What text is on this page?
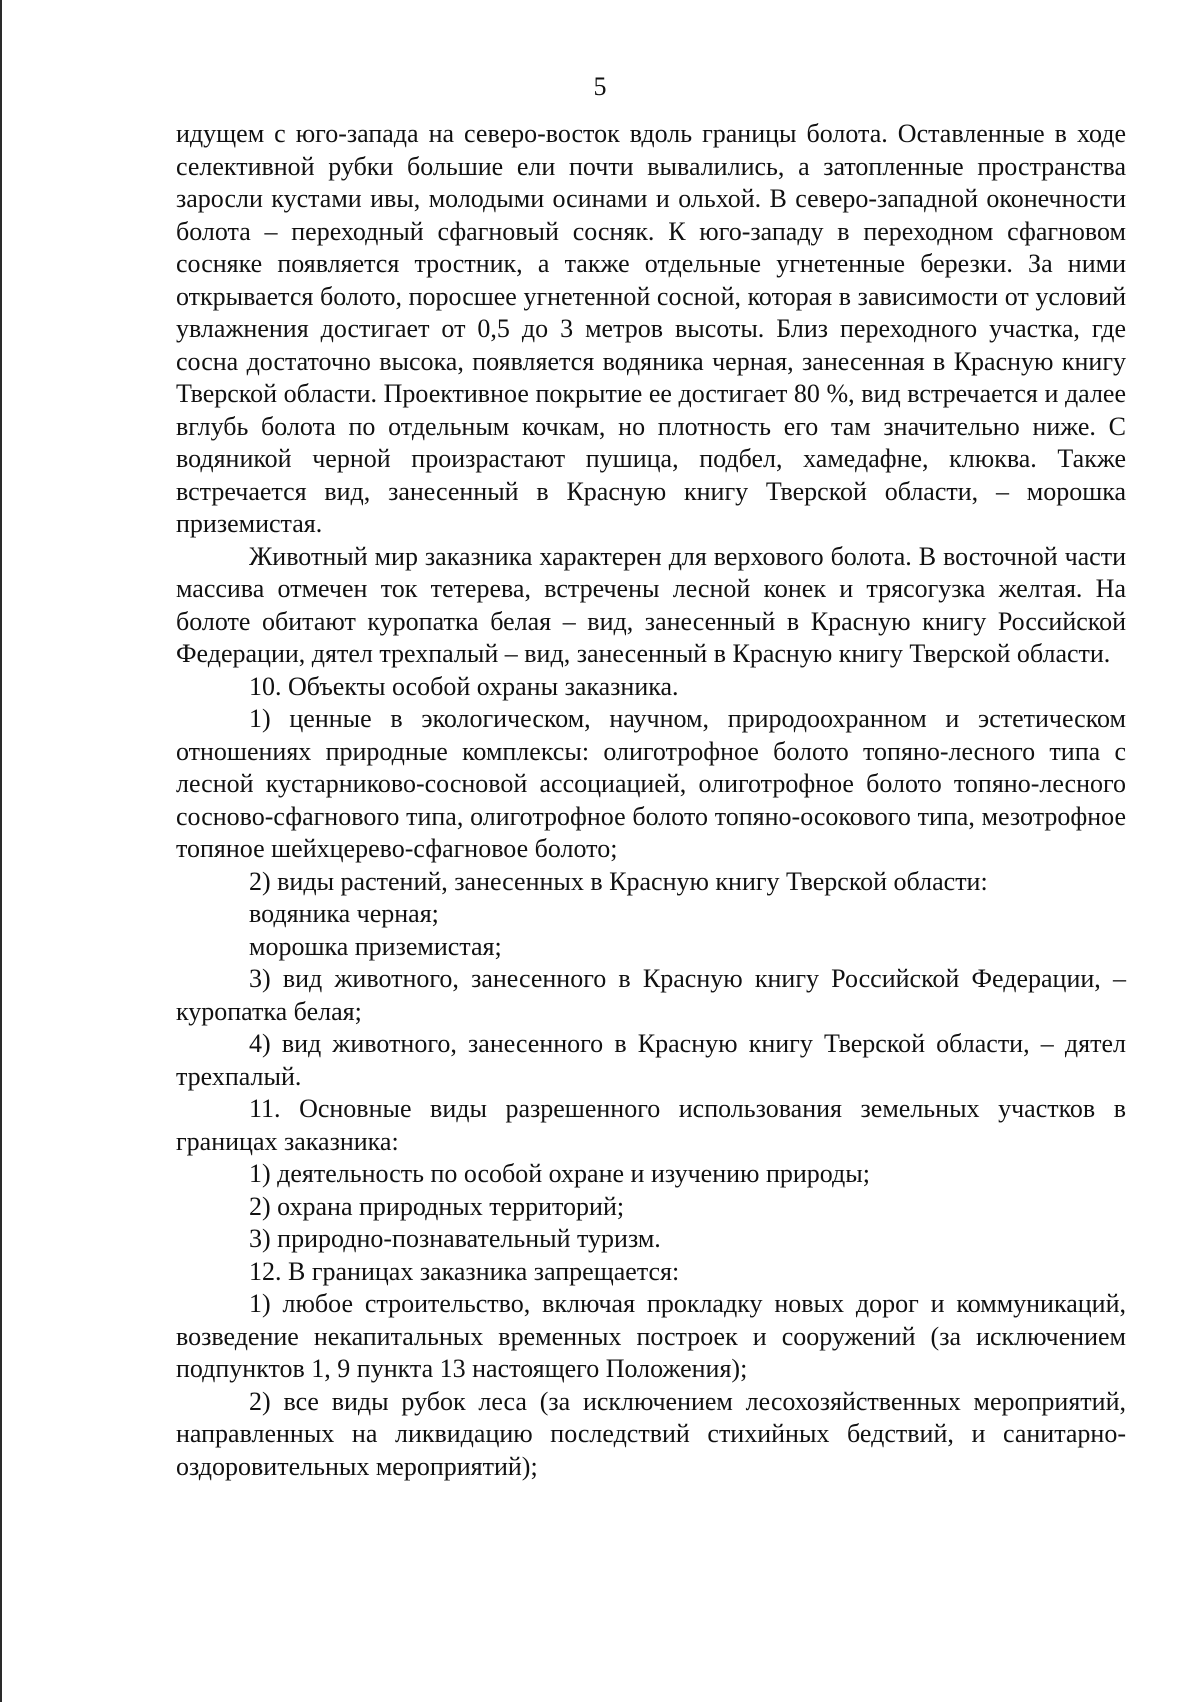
5

идущем с юго-запада на северо-восток вдоль границы болота. Оставленные в ходе селективной рубки большие ели почти вывалились, а затопленные пространства заросли кустами ивы, молодыми осинами и ольхой. В северо-западной оконечности болота – переходный сфагновый сосняк. К юго-западу в переходном сфагновом сосняке появляется тростник, а также отдельные угнетенные березки. За ними открывается болото, поросшее угнетенной сосной, которая в зависимости от условий увлажнения достигает от 0,5 до 3 метров высоты. Близ переходного участка, где сосна достаточно высока, появляется водяника черная, занесенная в Красную книгу Тверской области. Проективное покрытие ее достигает 80 %, вид встречается и далее вглубь болота по отдельным кочкам, но плотность его там значительно ниже. С водяникой черной произрастают пушица, подбел, хамедафне, клюква. Также встречается вид, занесенный в Красную книгу Тверской области, – морошка приземистая.

Животный мир заказника характерен для верхового болота. В восточной части массива отмечен ток тетерева, встречены лесной конек и трясогузка желтая. На болоте обитают куропатка белая – вид, занесенный в Красную книгу Российской Федерации, дятел трехпалый – вид, занесенный в Красную книгу Тверской области.

10. Объекты особой охраны заказника.

1) ценные в экологическом, научном, природоохранном и эстетическом отношениях природные комплексы: олиготрофное болото топяно-лесного типа с лесной кустарниково-сосновой ассоциацией, олиготрофное болото топяно-лесного сосново-сфагнового типа, олиготрофное болото топяно-осокового типа, мезотрофное топяное шейхцерево-сфагновое болото;

2) виды растений, занесенных в Красную книгу Тверской области:

водяника черная;

морошка приземистая;

3) вид животного, занесенного в Красную книгу Российской Федерации, – куропатка белая;

4) вид животного, занесенного в Красную книгу Тверской области, – дятел трехпалый.

11. Основные виды разрешенного использования земельных участков в границах заказника:

1) деятельность по особой охране и изучению природы;

2) охрана природных территорий;

3) природно-познавательный туризм.

12. В границах заказника запрещается:

1) любое строительство, включая прокладку новых дорог и коммуникаций, возведение некапитальных временных построек и сооружений (за исключением подпунктов 1, 9 пункта 13 настоящего Положения);

2) все виды рубок леса (за исключением лесохозяйственных мероприятий, направленных на ликвидацию последствий стихийных бедствий, и санитарно-оздоровительных мероприятий);
